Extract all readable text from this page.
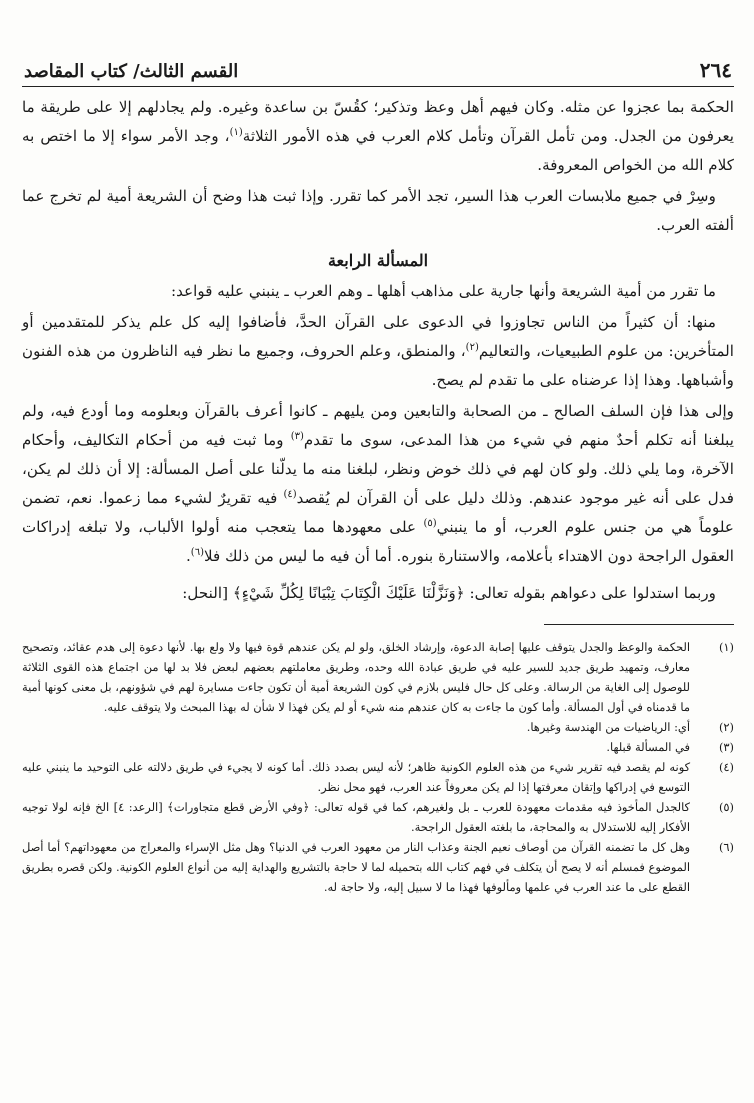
٢٦٤
القسم الثالث/ كتاب المقاصد

الحكمة بما عجزوا عن مثله. وكان فيهم أهل وعظ وتذكير؛ كقُسّ بن ساعدة وغيره. ولم يجادلهم إلا على طريقة ما يعرفون من الجدل. ومن تأمل القرآن وتأمل كلام العرب في هذه الأمور الثلاثة$^{(١)}$، وجد الأمر سواء إلا ما اختص به كلام الله من الخواص المعروفة.

وسِرْ في جميع ملابسات العرب هذا السير، تجد الأمر كما تقرر. وإذا ثبت هذا وضح أن الشريعة أمية لم تخرج عما ألفته العرب.

المسألة الرابعة

ما تقرر من أمية الشريعة وأنها جارية على مذاهب أهلها ـ وهم العرب ـ ينبني عليه قواعد:

منها: أن كثيراً من الناس تجاوزوا في الدعوى على القرآن الحدَّ، فأضافوا إليه كل علم يذكر للمتقدمين أو المتأخرين: من علوم الطبيعيات، والتعاليم$^{(٢)}$، والمنطق، وعلم الحروف، وجميع ما نظر فيه الناظرون من هذه الفنون وأشباهها. وهذا إذا عرضناه على ما تقدم لم يصح.

وإلى هذا فإن السلف الصالح ـ من الصحابة والتابعين ومن يليهم ـ كانوا أعرف بالقرآن وبعلومه وما أودع فيه، ولم يبلغنا أنه تكلم أحدٌ منهم في شيء من هذا المدعى، سوى ما تقدم$^{(٣)}$ وما ثبت فيه من أحكام التكاليف، وأحكام الآخرة، وما يلي ذلك. ولو كان لهم في ذلك خوض ونظر، لبلغنا منه ما يدلّنا على أصل المسألة: إلا أن ذلك لم يكن، فدل على أنه غير موجود عندهم. وذلك دليل على أن القرآن لم يُقصد$^{(٤)}$ فيه تقريرٌ لشيء مما زعموا. نعم، تضمن علوماً هي من جنس علوم العرب، أو ما ينبني$^{(٥)}$ على معهودها مما يتعجب منه أولوا الألباب، ولا تبلغه إدراكات العقول الراجحة دون الاهتداء بأعلامه، والاستنارة بنوره. أما أن فيه ما ليس من ذلك فلا$^{(٦)}$.

وربما استدلوا على دعواهم بقوله تعالى: ﴿وَنَزَّلْنَا عَلَيْكَ الْكِتَابَ تِبْيَانًا لِكُلِّ شَيْءٍ﴾ [النحل:

(١)
الحكمة والوعظ والجدل يتوقف عليها إصابة الدعوة، وإرشاد الخلق، ولو لم يكن عندهم قوة فيها ولا ولع بها. لأنها دعوة إلى هدم عقائد، وتصحيح معارف، وتمهيد طريق جديد للسير عليه في طريق عبادة الله وحده، وطريق معاملتهم بعضهم لبعض فلا بد لها من اجتماع هذه القوى الثلاثة للوصول إلى الغاية من الرسالة. وعلى كل حال فليس بلازم في كون الشريعة أمية أن تكون جاءت مسايرة لهم في شؤونهم، بل معنى كونها أمية ما قدمناه في أول المسألة. وأما كون ما جاءت به كان عندهم منه شيء أو لم يكن فهذا لا شأن له بهذا المبحث ولا يتوقف عليه.
(٢)
أي: الرياضيات من الهندسة وغيرها.
(٣)
في المسألة قبلها.
(٤)
كونه لم يقصد فيه تقرير شيء من هذه العلوم الكونية ظاهر؛ لأنه ليس بصدد ذلك. أما كونه لا يجيء في طريق دلالته على التوحيد ما ينبني عليه التوسع في إدراكها وإتقان معرفتها إذا لم يكن معروفاً عند العرب، فهو محل نظر.
(٥)
كالجدل المأخوذ فيه مقدمات معهودة للعرب ـ بل ولغيرهم، كما في قوله تعالى: ﴿وفي الأرض قطع متجاورات﴾ [الرعد: ٤] الخ فإنه لولا توجيه الأفكار إليه للاستدلال به والمحاجة، ما بلغته العقول الراجحة.
(٦)
وهل كل ما تضمنه القرآن من أوصاف نعيم الجنة وعذاب النار من معهود العرب في الدنيا؟ وهل مثل الإسراء والمعراج من معهوداتهم؟ أما أصل الموضوع فمسلم أنه لا يصح أن يتكلف في فهم كتاب الله بتحميله لما لا حاجة بالتشريع والهداية إليه من أنواع العلوم الكونية. ولكن قصره بطريق القطع على ما عند العرب في علمها ومألوفها فهذا ما لا سبيل إليه، ولا حاجة له.
